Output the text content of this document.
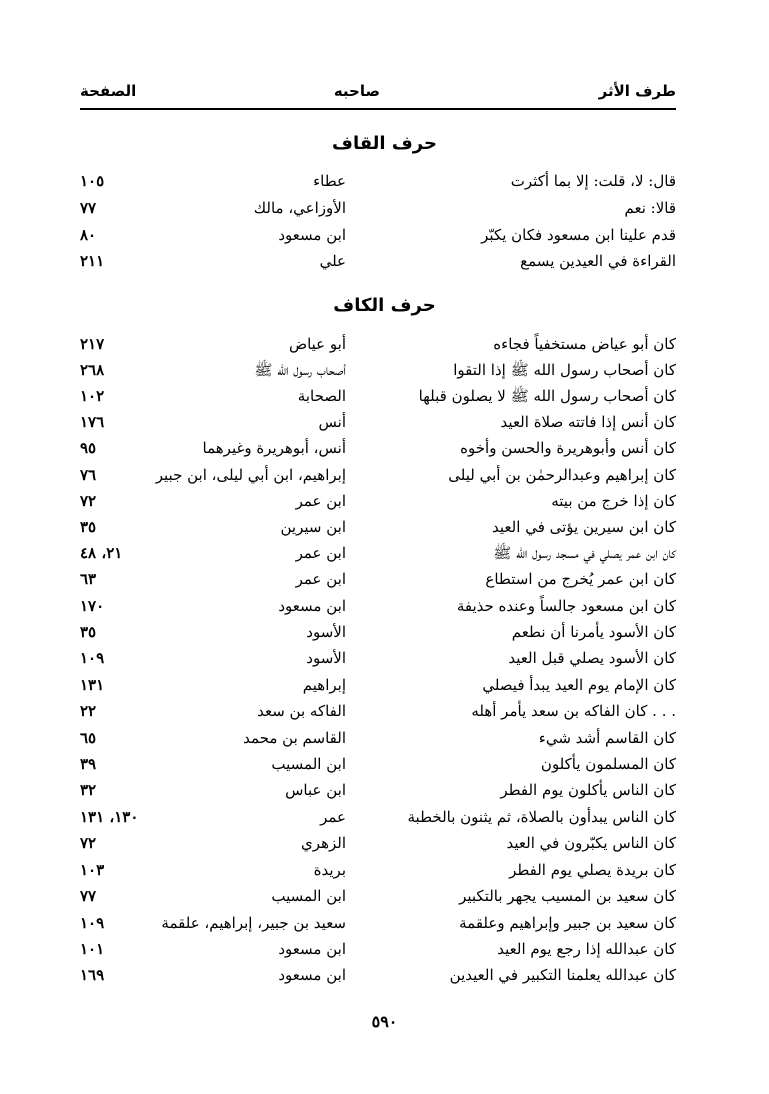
طرف الأثر
صاحبه
الصفحة
حرف القاف
قال: لا، قلت: إلا بما أكثرت
عطاء
١٠٥
قالا: نعم
الأوزاعي، مالك
٧٧
قدم علينا ابن مسعود فكان يكبّر
ابن مسعود
٨٠
القراءة في العيدين يسمع
علي
٢١١
حرف الكاف
كان أبو عياض مستخفياً فجاءه
أبو عياض
٢١٧
كان أصحاب رسول الله ﷺ إذا التقوا
أصحاب رسول الله ﷺ
٢٦٨
كان أصحاب رسول الله ﷺ لا يصلون قبلها
الصحابة
١٠٢
كان أنس إذا فاتته صلاة العيد
أنس
١٧٦
كان أنس وأبوهريرة والحسن وأخوه
أنس، أبوهريرة وغيرهما
٩٥
كان إبراهيم وعبدالرحمٰن بن أبي ليلى
إبراهيم، ابن أبي ليلى، ابن جبير
٧٦
كان إذا خرج من بيته
ابن عمر
٧٢
كان ابن سيرين يؤتى في العيد
ابن سيرين
٣٥
كان ابن عمر يصلي في مسجد رسول الله ﷺ
ابن عمر
٢١، ٤٨
كان ابن عمر يُخرج من استطاع
ابن عمر
٦٣
كان ابن مسعود جالساً وعنده حذيفة
ابن مسعود
١٧٠
كان الأسود يأمرنا أن نطعم
الأسود
٣٥
كان الأسود يصلي قبل العيد
الأسود
١٠٩
كان الإمام يوم العيد يبدأ فيصلي
إبراهيم
١٣١
. . . كان الفاكه بن سعد يأمر أهله
الفاكه بن سعد
٢٢
كان القاسم أشد شيء
القاسم بن محمد
٦٥
كان المسلمون يأكلون
ابن المسيب
٣٩
كان الناس يأكلون يوم الفطر
ابن عباس
٣٢
كان الناس يبدأون بالصلاة، ثم يثنون بالخطبة
عمر
١٣٠، ١٣١
كان الناس يكبّرون في العيد
الزهري
٧٢
كان بريدة يصلي يوم الفطر
بريدة
١٠٣
كان سعيد بن المسيب يجهر بالتكبير
ابن المسيب
٧٧
كان سعيد بن جبير وإبراهيم وعلقمة
سعيد بن جبير، إبراهيم، علقمة
١٠٩
كان عبدالله إذا رجع يوم العيد
ابن مسعود
١٠١
كان عبدالله يعلمنا التكبير في العيدين
ابن مسعود
١٦٩
٥٩٠
